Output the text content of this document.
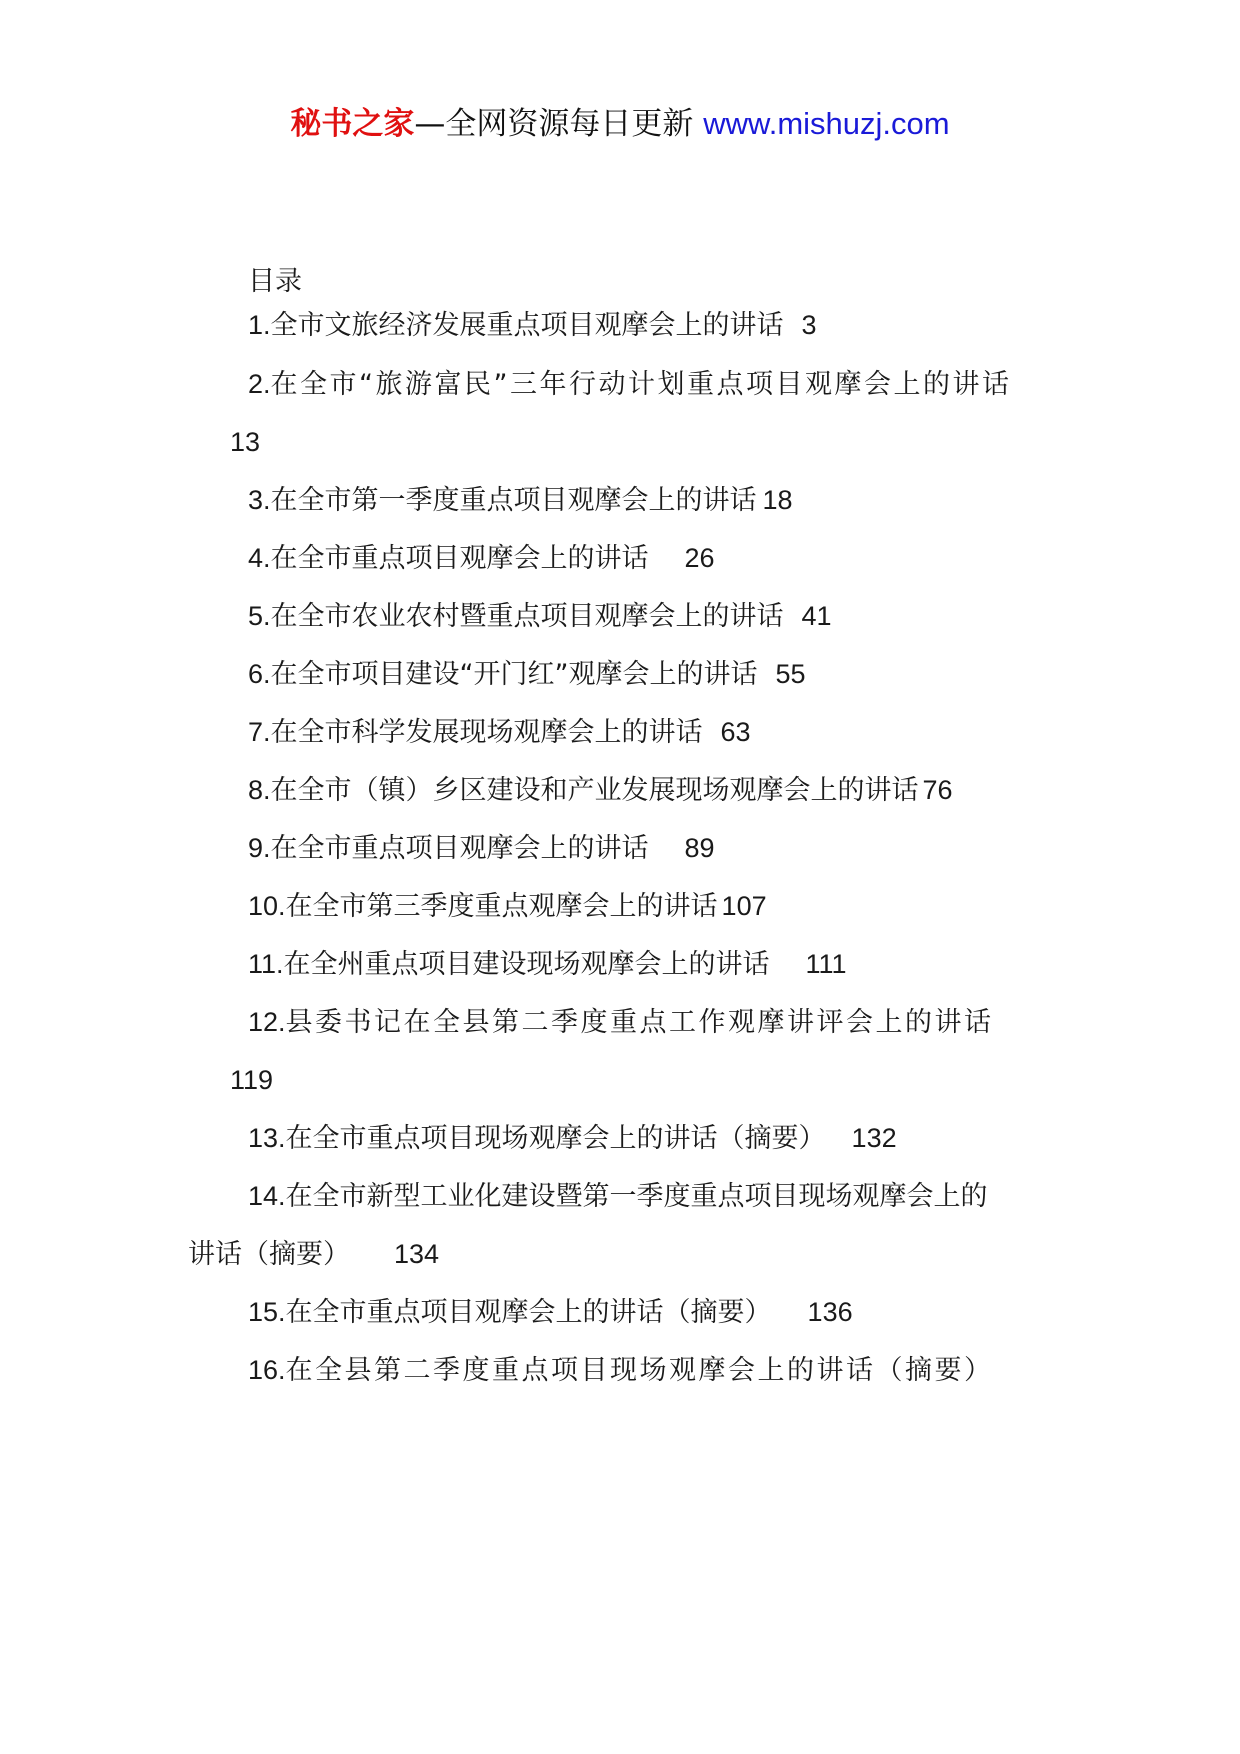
秘书之家—全网资源每日更新 www.mishuzj.com
目录
1.全市文旅经济发展重点项目观摩会上的讲话 3
2.在全市“旅游富民”三年行动计划重点项目观摩会上的讲话
13
3.在全市第一季度重点项目观摩会上的讲话 18
4.在全市重点项目观摩会上的讲话 26
5.在全市农业农村暨重点项目观摩会上的讲话 41
6.在全市项目建设“开门红”观摩会上的讲话 55
7.在全市科学发展现场观摩会上的讲话 63
8.在全市（镇）乡区建设和产业发展现场观摩会上的讲话 76
9.在全市重点项目观摩会上的讲话 89
10.在全市第三季度重点观摩会上的讲话 107
11.在全州重点项目建设现场观摩会上的讲话 111
12.县委书记在全县第二季度重点工作观摩讲评会上的讲话
119
13.在全市重点项目现场观摩会上的讲话（摘要） 132
14.在全市新型工业化建设暨第一季度重点项目现场观摩会上的
讲话（摘要） 134
15.在全市重点项目观摩会上的讲话（摘要） 136
16.在全县第二季度重点项目现场观摩会上的讲话（摘要）
